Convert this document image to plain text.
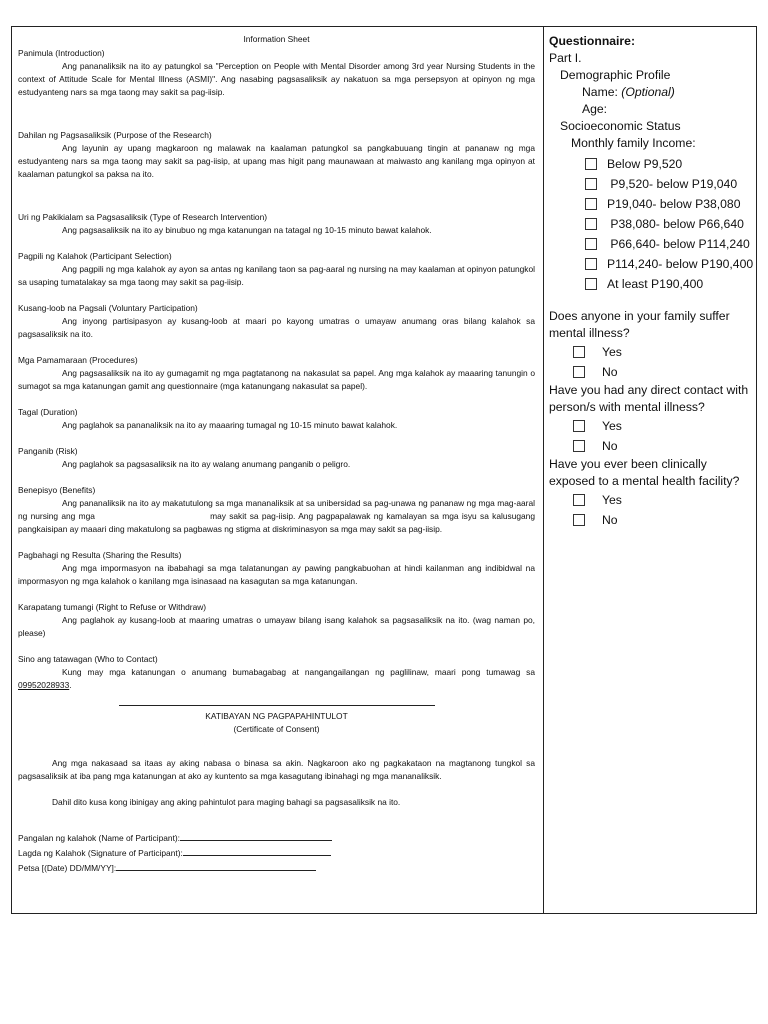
Information Sheet

Panimula (Introduction)

Ang pananaliksik na ito ay patungkol sa "Perception on People with Mental Disorder among 3rd year Nursing Students in the context of Attitude Scale for Mental Illness (ASMI)". Ang nasabing pagsasaliksik ay nakatuon sa mga persepsyon at opinyon ng mga estudyanteng nars sa mga taong may sakit sa pag-iisip.

Dahilan ng Pagsasaliksik (Purpose of the Research)

Ang layunin ay upang magkaroon ng malawak na kaalaman patungkol sa pangkabuuang tingin at pananaw ng mga estudyanteng nars sa mga taong may sakit sa pag-iisip, at upang mas higit pang maunawaan at maiwasto ang kanilang mga opinyon at kaalaman patungkol sa paksa na ito.

Uri ng Pakikialam sa Pagsasaliksik (Type of Research Intervention)

Ang pagsasaliksik na ito ay binubuo ng mga katanungan na tatagal ng 10-15 minuto bawat kalahok.

Pagpili ng Kalahok (Participant Selection)

Ang pagpili ng mga kalahok ay ayon sa antas ng kanilang taon sa pag-aaral ng nursing na may kaalaman at opinyon patungkol sa usaping tumatalakay sa mga taong may sakit sa pag-iisip.

Kusang-loob na Pagsali (Voluntary Participation)

Ang inyong partisipasyon ay kusang-loob at maari po kayong umatras o umayaw anumang oras bilang kalahok sa pagsasaliksik na ito.

Mga Pamamaraan (Procedures)

Ang pagsasaliksik na ito ay gumagamit ng mga pagtatanong na nakasulat sa papel. Ang mga kalahok ay maaaring tanungin o sumagot sa mga katanungan gamit ang questionnaire (mga katanungang nakasulat sa papel).

Tagal (Duration)

Ang paglahok sa pananaliksik na ito ay maaaring tumagal ng 10-15 minuto bawat kalahok.

Panganib (Risk)

Ang paglahok sa pagsasaliksik na ito ay walang anumang panganib o peligro.

Benepisyo (Benefits)

Ang pananaliksik na ito ay makatutulong sa mga mananaliksik at sa unibersidad sa pag-unawa ng pananaw ng mga mag-aaral ng nursing ang mga                                   may sakit sa pag-iisip. Ang pagpapalawak ng kamalayan sa mga isyu sa kalusugang pangkaisipan ay maaari ding makatulong sa pagbawas ng stigma at diskriminasyon sa mga may sakit sa pag-iisip.

Pagbahagi ng Resulta (Sharing the Results)

Ang mga impormasyon na ibabahagi sa mga talatanungan ay pawing pangkabuohan at hindi kailanman ang indibidwal na impormasyon ng mga kalahok o kanilang mga isinasaad na kasagutan sa mga katanungan.

Karapatang tumangi (Right to Refuse or Withdraw)

Ang paglahok ay kusang-loob at maaring umatras o umayaw bilang isang kalahok sa pagsasaliksik na ito. (wag naman po, please)

Sino ang tatawagan (Who to Contact)

Kung may mga katanungan o anumang bumabagabag at nangangailangan ng paglilinaw, maari pong tumawag sa 09952028933.

KATIBAYAN NG PAGPAPAHINTULOT

(Certificate of Consent)

Ang mga nakasaad sa itaas ay aking nabasa o binasa sa akin. Nagkaroon ako ng pagkakataon na magtanong tungkol sa pagsasaliksik at iba pang mga katanungan at ako ay kuntento sa mga kasagutang ibinahagi ng mga mananaliksik.

Dahil dito kusa kong ibinigay ang aking pahintulot para maging bahagi sa pagsasaliksik na ito.

Pangalan ng kalahok (Name of Participant):

Lagda ng Kalahok (Signature of Participant):

Petsa [(Date) DD/MM/YY]:

Questionnaire:

Part I.

Demographic Profile

Name: (Optional)

Age:

Socioeconomic Status

Monthly family Income:

Below P9,520
P9,520- below P19,040
P19,040- below P38,080
P38,080- below P66,640
P66,640- below P114,240
P114,240- below P190,400
At least P190,400

Does anyone in your family suffer mental illness?

Yes
No

Have you had any direct contact with person/s with mental illness?

Yes
No

Have you ever been clinically exposed to a mental health facility?

Yes
No
